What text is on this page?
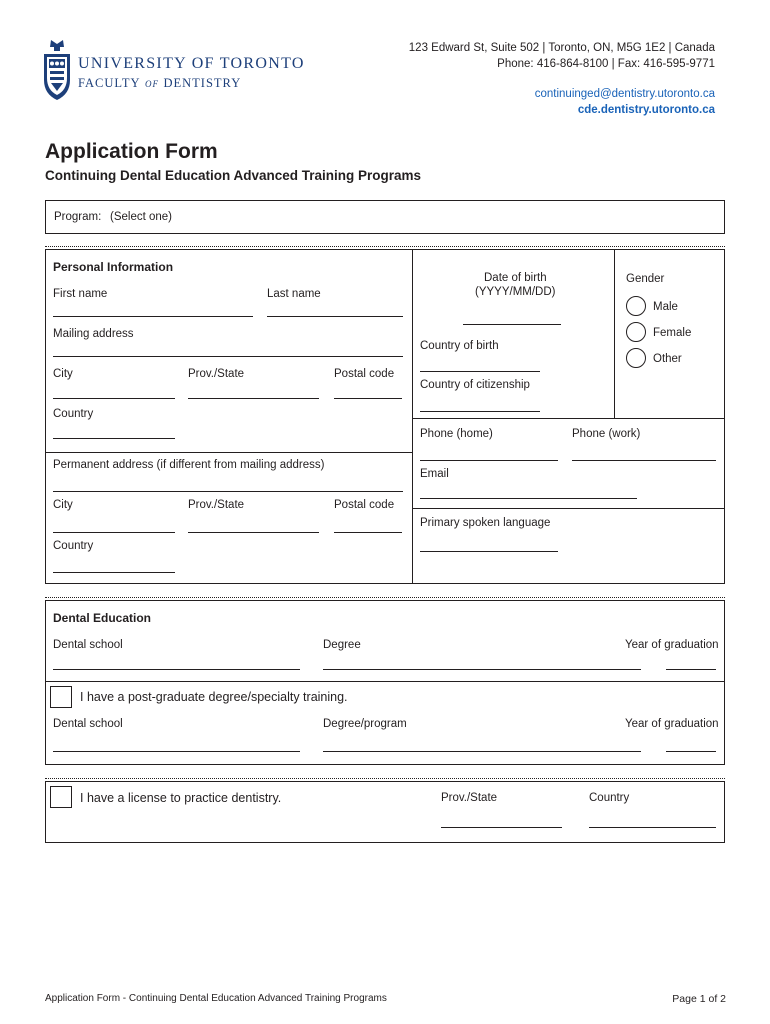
UNIVERSITY OF TORONTO
FACULTY OF DENTISTRY
123 Edward St, Suite 502 | Toronto, ON, M5G 1E2 | Canada
Phone: 416-864-8100 | Fax: 416-595-9771
continuinged@dentistry.utoronto.ca
cde.dentistry.utoronto.ca
Application Form
Continuing Dental Education Advanced Training Programs
Program: (Select one)
Personal Information
First name	Last name
Mailing address
City	Prov./State	Postal code
Country
Permanent address (if different from mailing address)
City	Prov./State	Postal code
Country
Date of birth
(YYYY/MM/DD)
Country of birth
Country of citizenship
Gender
Male
Female
Other
Phone (home)	Phone (work)
Email
Primary spoken language
Dental Education
Dental school	Degree	Year of graduation
I have a post-graduate degree/specialty training.
Dental school	Degree/program	Year of graduation
I have a license to practice dentistry.	Prov./State	Country
Application Form - Continuing Dental Education Advanced Training Programs	Page 1 of 2
